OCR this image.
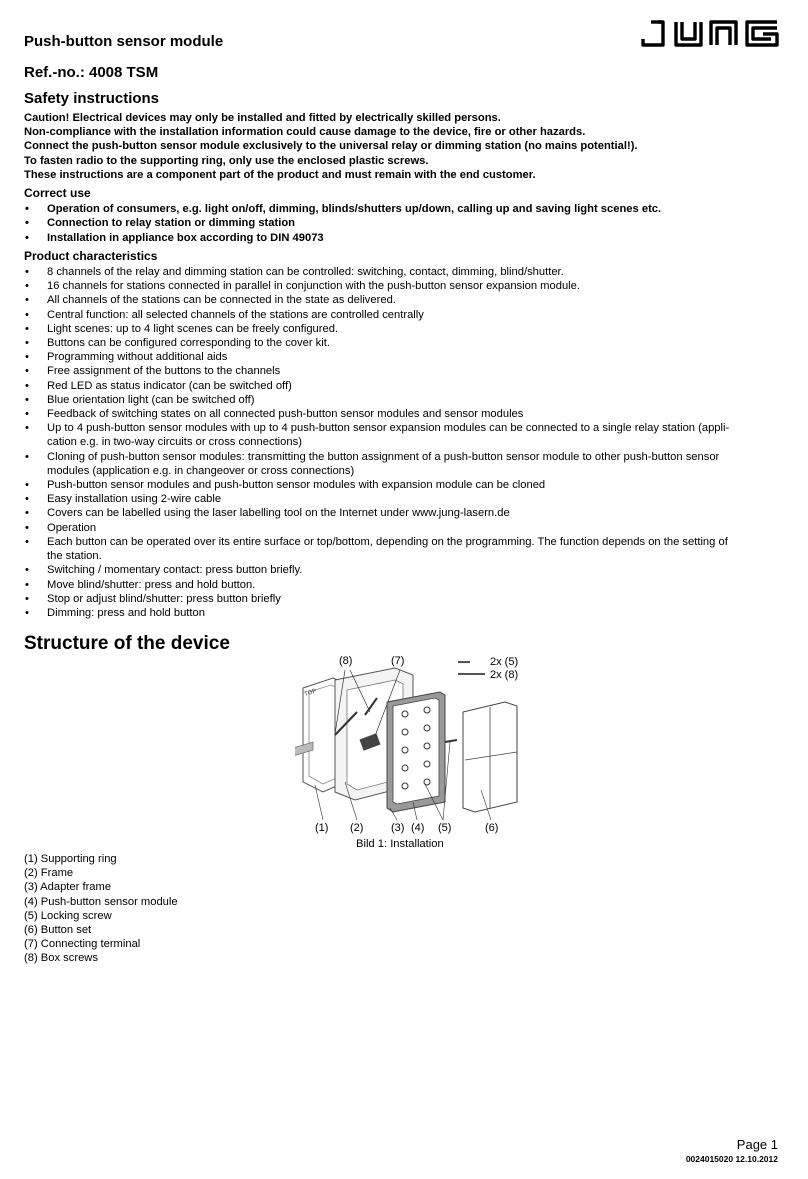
Push-button sensor module
Ref.-no.: 4008 TSM
Safety instructions
Caution! Electrical devices may only be installed and fitted by electrically skilled persons.
Non-compliance with the installation information could cause damage to the device, fire or other hazards.
Connect the push-button sensor module exclusively to the universal relay or dimming station (no mains potential!).
To fasten radio to the supporting ring, only use the enclosed plastic screws.
These instructions are a component part of the product and must remain with the end customer.
Correct use
• Operation of consumers, e.g. light on/off, dimming, blinds/shutters up/down, calling up and saving light scenes etc.
• Connection to relay station or dimming station
• Installation in appliance box according to DIN 49073
Product characteristics
• 8 channels of the relay and dimming station can be controlled: switching, contact, dimming, blind/shutter.
• 16 channels for stations connected in parallel in conjunction with the push-button sensor expansion module.
• All channels of the stations can be connected in the state as delivered.
• Central function: all selected channels of the stations are controlled centrally
• Light scenes: up to 4 light scenes can be freely configured.
• Buttons can be configured corresponding to the cover kit.
• Programming without additional aids
• Free assignment of the buttons to the channels
• Red LED as status indicator (can be switched off)
• Blue orientation light (can be switched off)
• Feedback of switching states on all connected push-button sensor modules and sensor modules
• Up to 4 push-button sensor modules with up to 4 push-button sensor expansion modules can be connected to a single relay station (appli-
cation e.g. in two-way circuits or cross connections)
• Cloning of push-button sensor modules: transmitting the button assignment of a push-button sensor module to other push-button sensor
modules (application e.g. in changeover or cross connections)
• Push-button sensor modules and push-button sensor modules with expansion module can be cloned
• Easy installation using 2-wire cable
• Covers can be labelled using the laser labelling tool on the Internet under www.jung-lasern.de
• Operation
• Each button can be operated over its entire surface or top/bottom, depending on the programming. The function depends on the setting of
the station.
• Switching / momentary contact: press button briefly.
• Move blind/shutter: press and hold button.
• Stop or adjust blind/shutter: press button briefly
• Dimming: press and hold button
Structure of the device
TOP
2x (5)
2x (8)
(8)	(7)
(1) (2)	(3) (4) (5)	(6)
Bild 1: Installation
(1) Supporting ring
(2) Frame
(3) Adapter frame
(4) Push-button sensor module
(5) Locking screw
(6) Button set
(7) Connecting terminal
(8) Box screws
Page 1
0024015020 12.10.2012
